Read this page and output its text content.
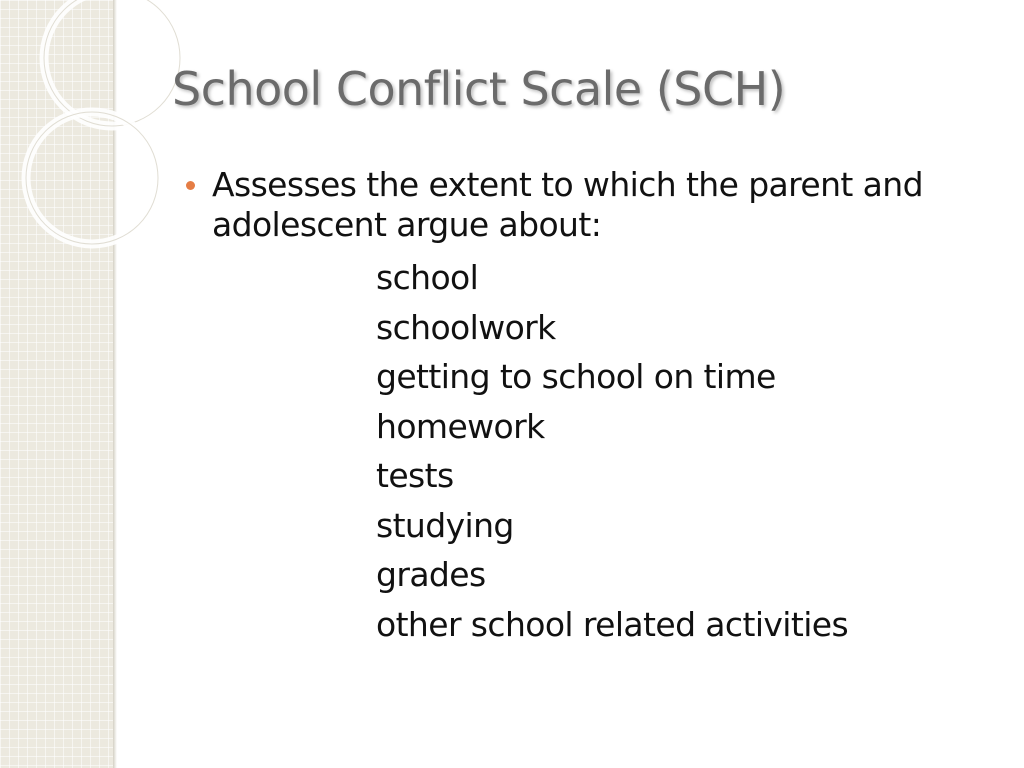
School Conflict Scale (SCH)
Assesses the extent to which the parent and adolescent argue about:
school
schoolwork
getting to school on time
homework
tests
studying
grades
other school related activities
